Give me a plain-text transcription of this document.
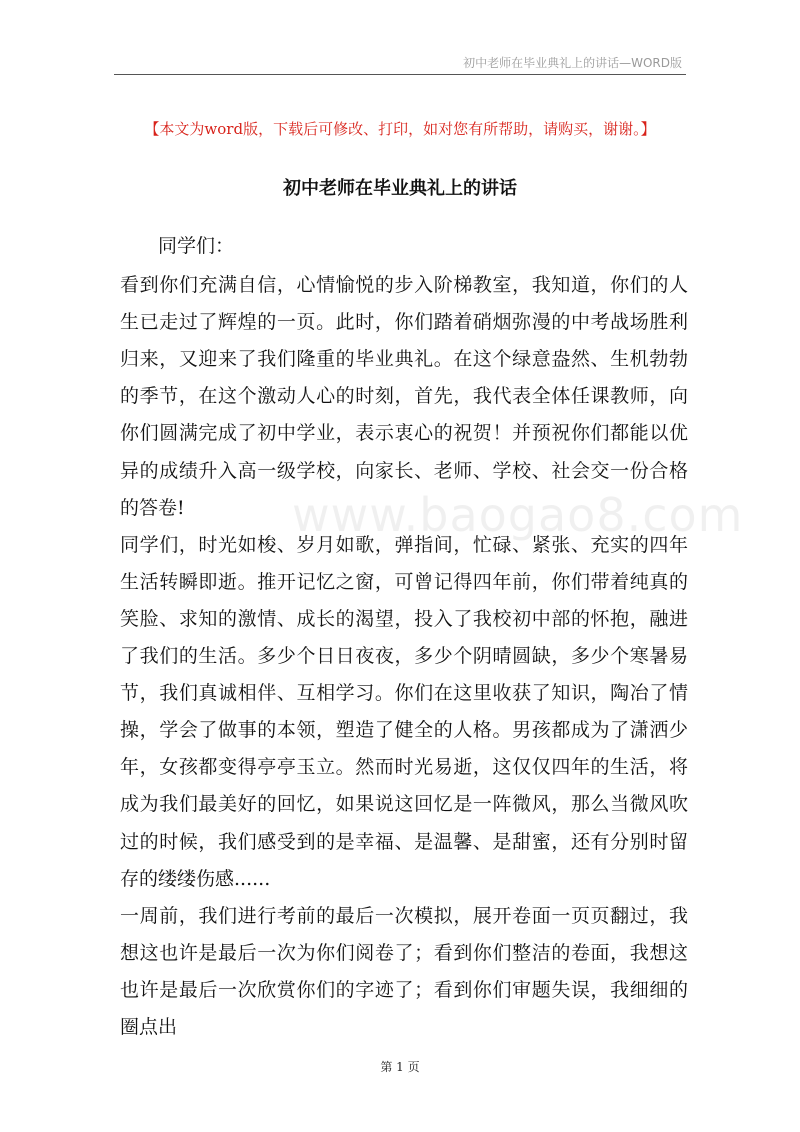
初中老师在毕业典礼上的讲话—WORD版
【本文为word版，下载后可修改、打印，如对您有所帮助，请购买，谢谢。】
初中老师在毕业典礼上的讲话
www.baogao8.com

同学们：

看到你们充满自信，心情愉悦的步入阶梯教室，我知道，你们的人生已走过了辉煌的一页。此时，你们踏着硝烟弥漫的中考战场胜利归来，又迎来了我们隆重的毕业典礼。在这个绿意盎然、生机勃勃的季节，在这个激动人心的时刻，首先，我代表全体任课教师，向你们圆满完成了初中学业，表示衷心的祝贺！并预祝你们都能以优异的成绩升入高一级学校，向家长、老师、学校、社会交一份合格的答卷!

同学们，时光如梭、岁月如歌，弹指间，忙碌、紧张、充实的四年生活转瞬即逝。推开记忆之窗，可曾记得四年前，你们带着纯真的笑脸、求知的激情、成长的渴望，投入了我校初中部的怀抱，融进了我们的生活。多少个日日夜夜，多少个阴晴圆缺，多少个寒暑易节，我们真诚相伴、互相学习。你们在这里收获了知识，陶冶了情操，学会了做事的本领，塑造了健全的人格。男孩都成为了潇洒少年，女孩都变得亭亭玉立。然而时光易逝，这仅仅四年的生活，将成为我们最美好的回忆，如果说这回忆是一阵微风，那么当微风吹过的时候，我们感受到的是幸福、是温馨、是甜蜜，还有分别时留存的缕缕伤感......

一周前，我们进行考前的最后一次模拟，展开卷面一页页翻过，我想这也许是最后一次为你们阅卷了；看到你们整洁的卷面，我想这也许是最后一次欣赏你们的字迹了；看到你们审题失误，我细细的圈点出

第 1 页
